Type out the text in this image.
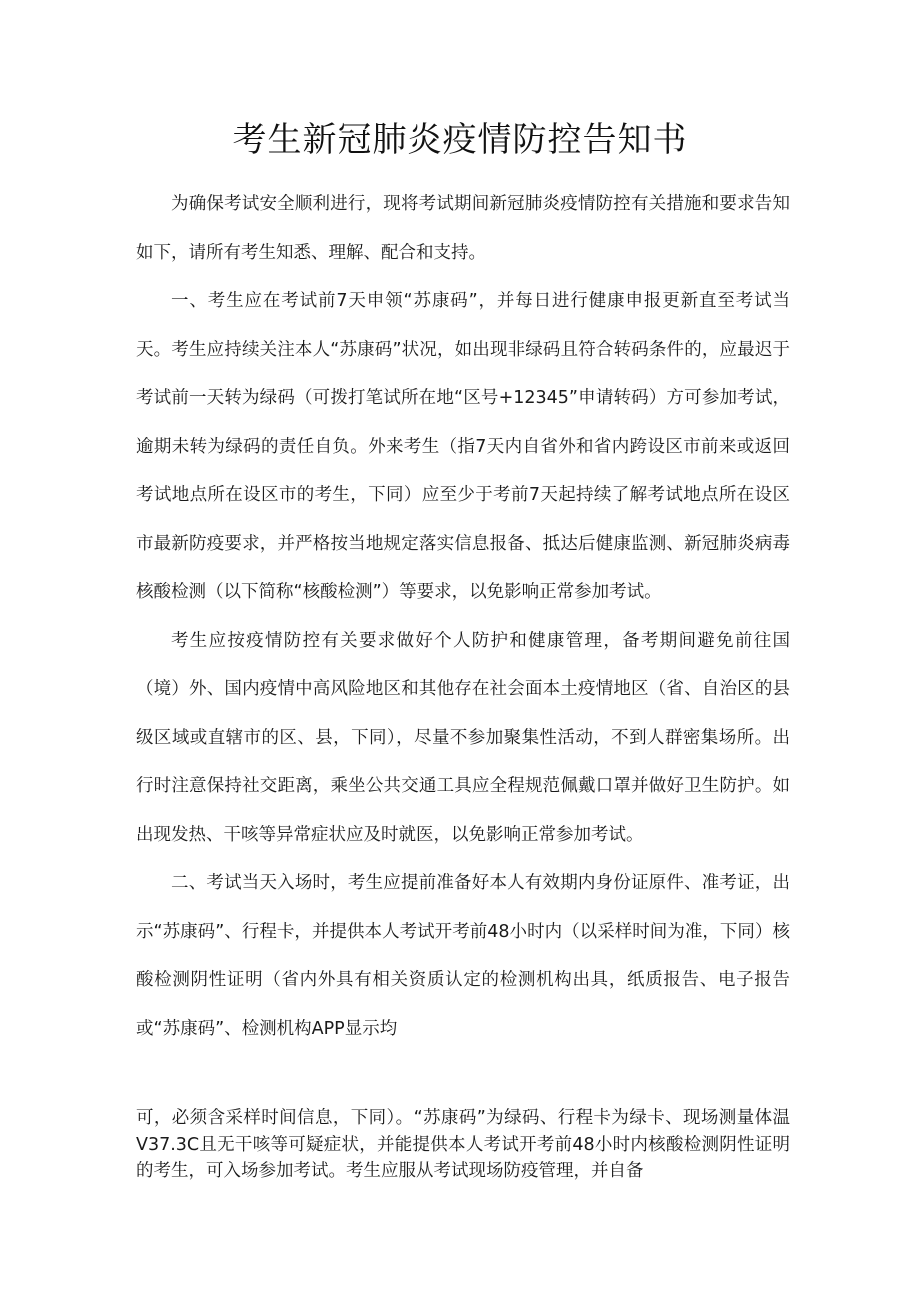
考生新冠肺炎疫情防控告知书

为确保考试安全顺利进行，现将考试期间新冠肺炎疫情防控有关措施和要求告知如下，请所有考生知悉、理解、配合和支持。

一、考生应在考试前7天申领“苏康码”，并每日进行健康申报更新直至考试当天。考生应持续关注本人“苏康码”状况，如出现非绿码且符合转码条件的，应最迟于考试前一天转为绿码（可拨打笔试所在地“区号+12345”申请转码）方可参加考试，逾期未转为绿码的责任自负。外来考生（指7天内自省外和省内跨设区市前来或返回考试地点所在设区市的考生，下同）应至少于考前7天起持续了解考试地点所在设区市最新防疫要求，并严格按当地规定落实信息报备、抵达后健康监测、新冠肺炎病毒核酸检测（以下简称“核酸检测”）等要求，以免影响正常参加考试。

考生应按疫情防控有关要求做好个人防护和健康管理，备考期间避免前往国（境）外、国内疫情中高风险地区和其他存在社会面本土疫情地区（省、自治区的县级区域或直辖市的区、县，下同），尽量不参加聚集性活动，不到人群密集场所。出行时注意保持社交距离，乘坐公共交通工具应全程规范佩戴口罩并做好卫生防护。如出现发热、干咳等异常症状应及时就医，以免影响正常参加考试。

二、考试当天入场时，考生应提前准备好本人有效期内身份证原件、准考证，出示“苏康码”、行程卡，并提供本人考试开考前48小时内（以采样时间为准，下同）核酸检测阴性证明（省内外具有相关资质认定的检测机构出具，纸质报告、电子报告或“苏康码”、检测机构APP显示均

可，必须含采样时间信息，下同）。“苏康码”为绿码、行程卡为绿卡、现场测量体温V37.3C且无干咳等可疑症状，并能提供本人考试开考前48小时内核酸检测阴性证明的考生，可入场参加考试。考生应服从考试现场防疫管理，并自备
